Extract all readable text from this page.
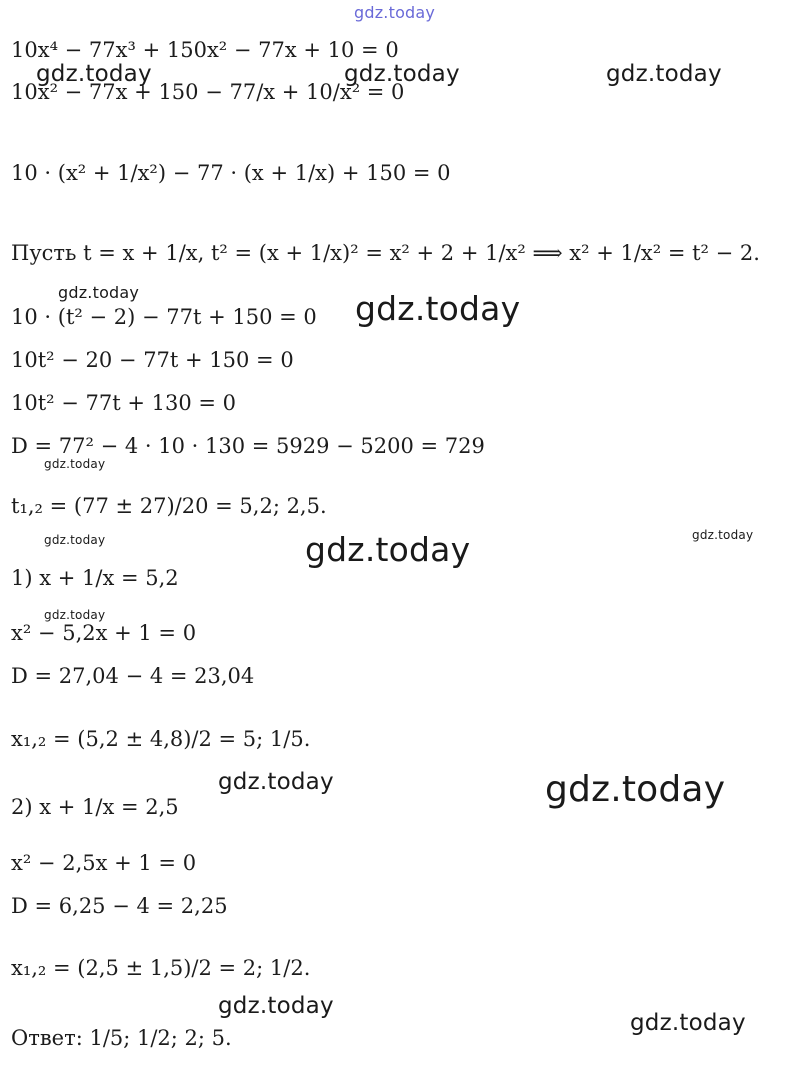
gdz.today
gdz.today	gdz.today	gdz.today
gdz.today	gdz.today
gdz.today
gdz.today	gdz.today
gdz.today
gdz.today
gdz.today	gdz.today
gdz.today
gdz.today
10x⁴ − 77x³ + 150x² − 77x + 10 = 0
10x² − 77x + 150 − 77/x + 10/x² = 0
10 · (x² + 1/x²) − 77 · (x + 1/x) + 150 = 0
Пусть t = x + 1/x, t² = (x + 1/x)² = x² + 2 + 1/x² ⟹ x² + 1/x² = t² − 2.
10 · (t² − 2) − 77t + 150 = 0
10t² − 20 − 77t + 150 = 0
10t² − 77t + 130 = 0
D = 77² − 4 · 10 · 130 = 5929 − 5200 = 729
t₁,₂ = (77 ± 27)/20 = 5,2; 2,5.
1) x + 1/x = 5,2
x² − 5,2x + 1 = 0
D = 27,04 − 4 = 23,04
x₁,₂ = (5,2 ± 4,8)/2 = 5; 1/5.
2) x + 1/x = 2,5
x² − 2,5x + 1 = 0
D = 6,25 − 4 = 2,25
x₁,₂ = (2,5 ± 1,5)/2 = 2; 1/2.
Ответ: 1/5; 1/2; 2; 5.
